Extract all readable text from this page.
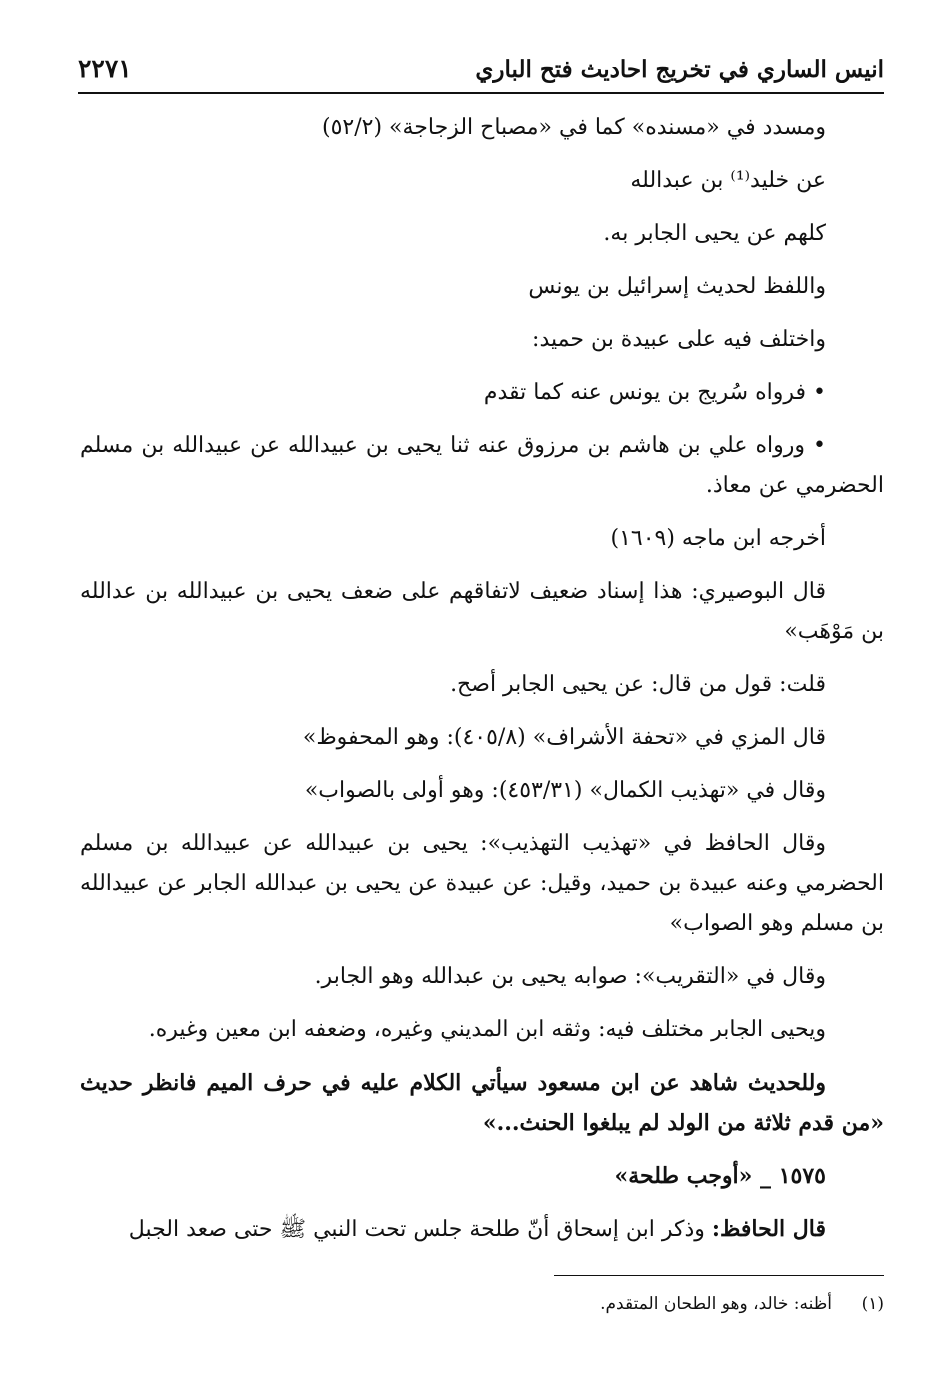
انيس الساري في تخريج احاديث فتح الباري
٢٢٧١

ومسدد في «مسنده» كما في «مصباح الزجاجة» (٥٢/٢)

عن خليد⁽¹⁾ بن عبدالله

كلهم عن يحيى الجابر به.

واللفظ لحديث إسرائيل بن يونس

واختلف فيه على عبيدة بن حميد:

• فرواه سُريج بن يونس عنه كما تقدم

• ورواه علي بن هاشم بن مرزوق عنه ثنا يحيى بن عبيدالله عن عبيدالله بن مسلم الحضرمي عن معاذ.

أخرجه ابن ماجه (١٦٠٩)

قال البوصيري: هذا إسناد ضعيف لاتفاقهم على ضعف يحيى بن عبيدالله بن عدالله بن مَوْهَب»

قلت: قول من قال: عن يحيى الجابر أصح.

قال المزي في «تحفة الأشراف» (٤٠٥/٨): وهو المحفوظ»

وقال في «تهذيب الكمال» (٤٥٣/٣١): وهو أولى بالصواب»

وقال الحافظ في «تهذيب التهذيب»: يحيى بن عبيدالله عن عبيدالله بن مسلم الحضرمي وعنه عبيدة بن حميد، وقيل: عن عبيدة عن يحيى بن عبدالله الجابر عن عبيدالله بن مسلم وهو الصواب»

وقال في «التقريب»: صوابه يحيى بن عبدالله وهو الجابر.

ويحيى الجابر مختلف فيه: وثقه ابن المديني وغيره، وضعفه ابن معين وغيره.

وللحديث شاهد عن ابن مسعود سيأتي الكلام عليه في حرف الميم فانظر حديث «من قدم ثلاثة من الولد لم يبلغوا الحنث...»

١٥٧٥ _ «أوجب طلحة»

قال الحافظ: وذكر ابن إسحاق أنّ طلحة جلس تحت النبي ﷺ حتى صعد الجبل

(١)أظنه: خالد، وهو الطحان المتقدم.
